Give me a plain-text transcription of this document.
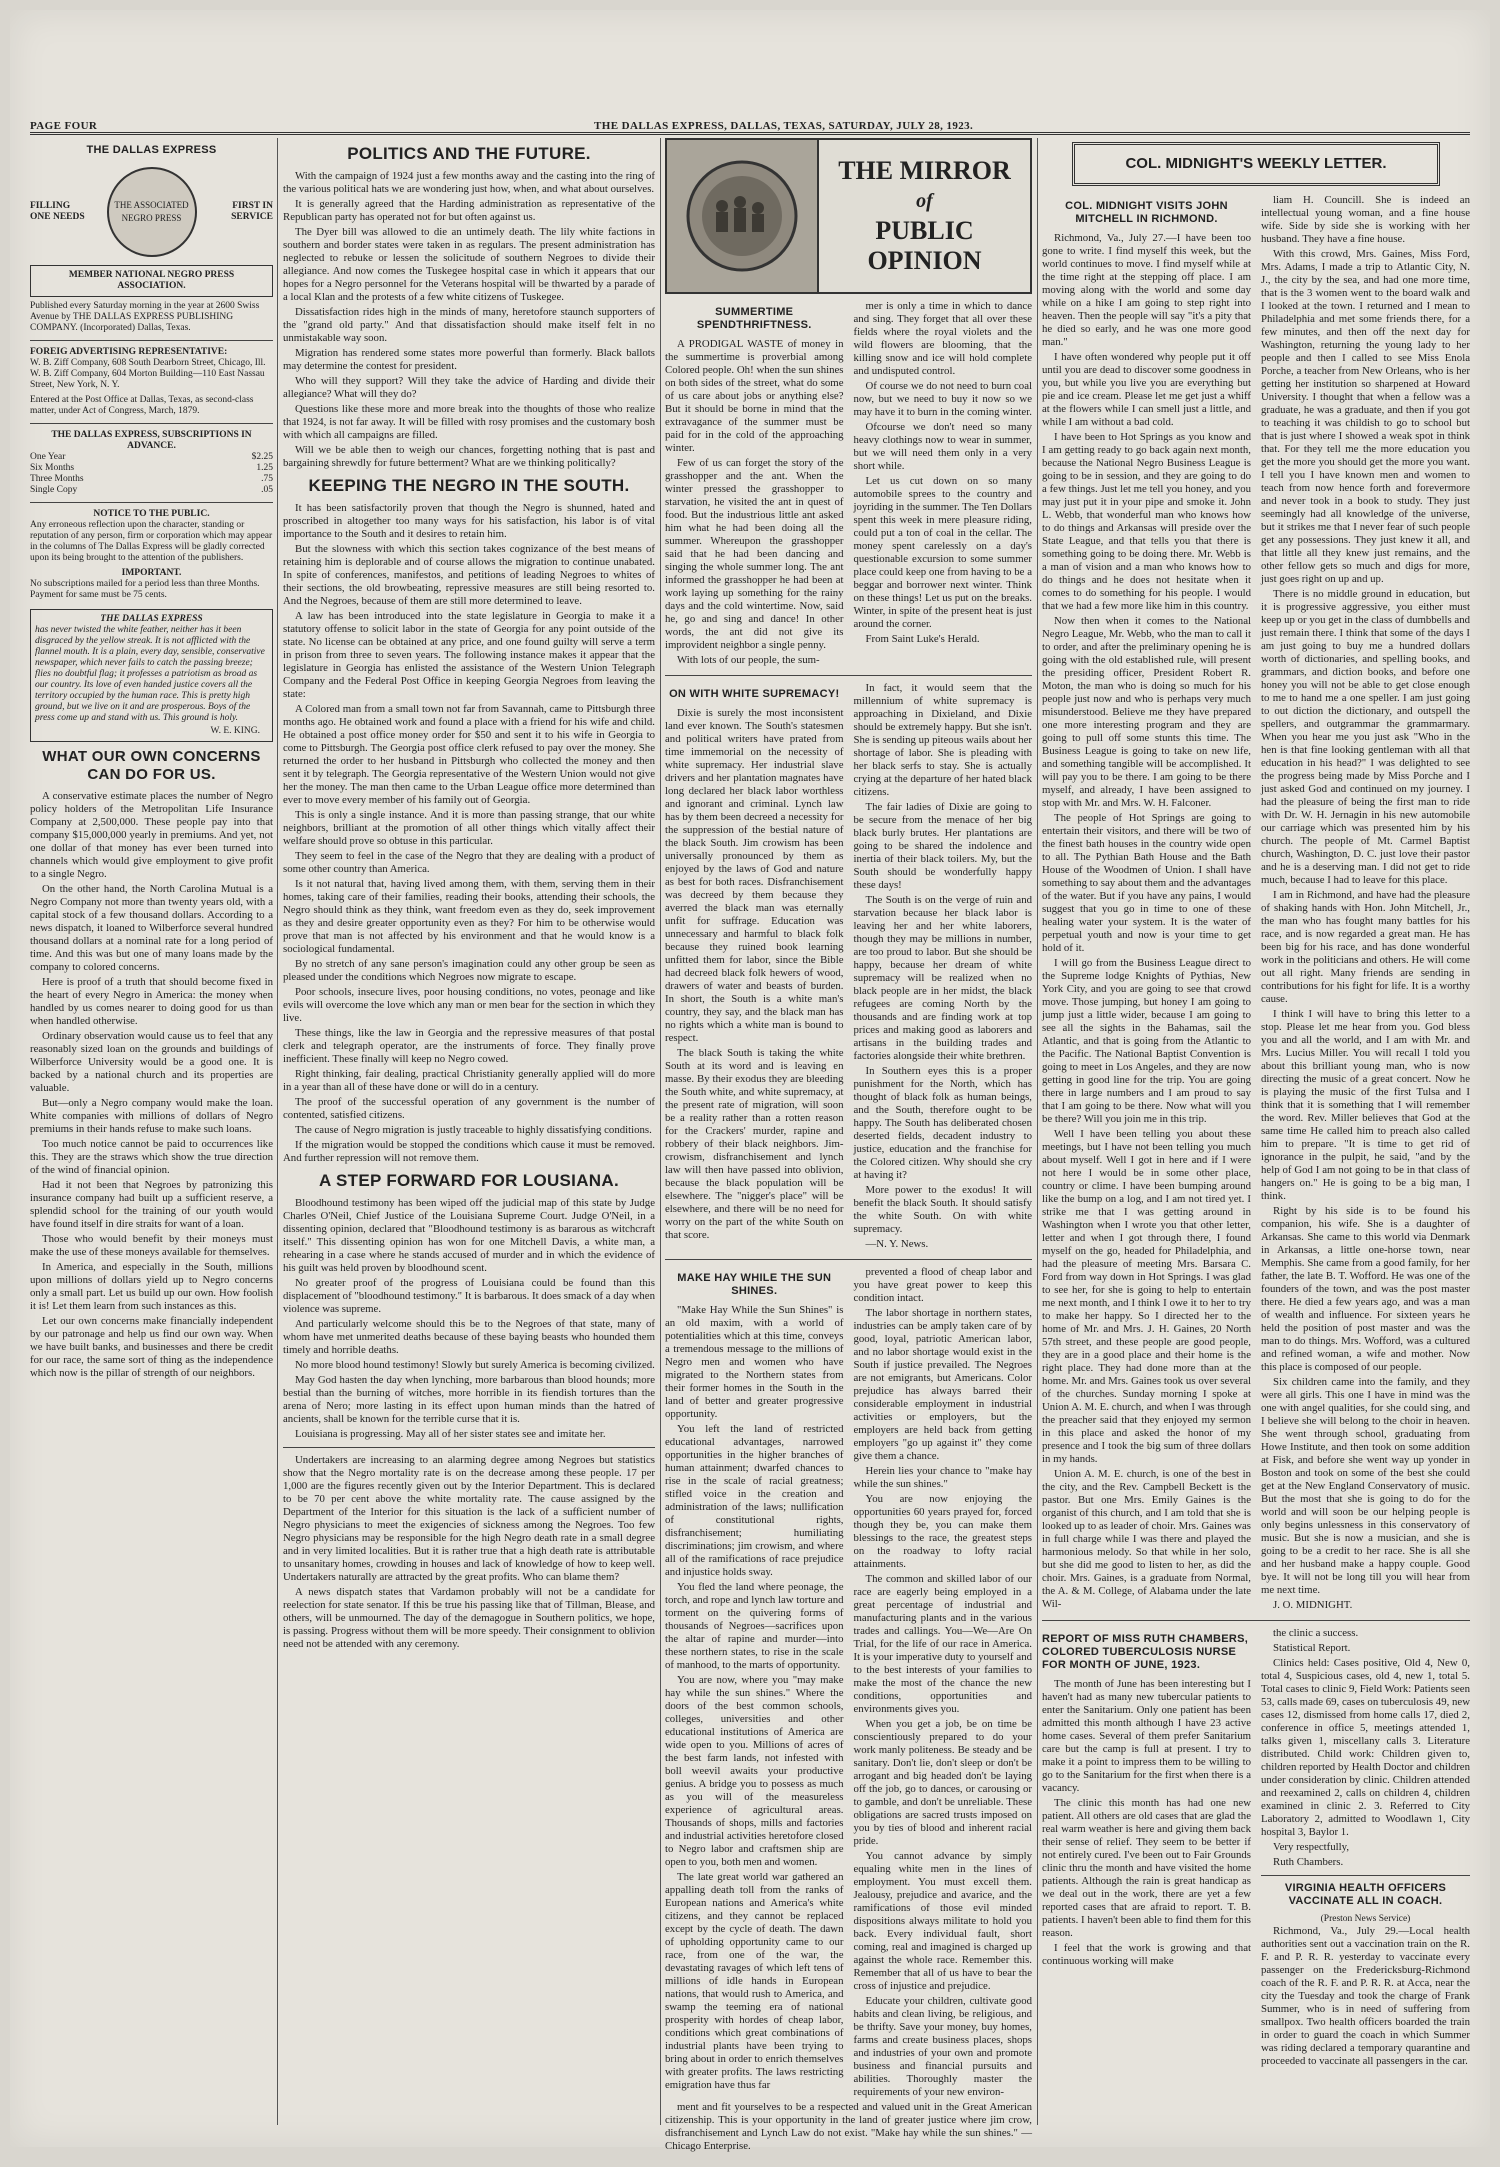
PAGE FOUR	THE DALLAS EXPRESS, DALLAS, TEXAS, SATURDAY, JULY 28, 1923.
THE DALLAS EXPRESS
FILLING ONE NEEDS
THE ASSOCIATED NEGRO PRESS
FIRST IN SERVICE
MEMBER NATIONAL NEGRO PRESS ASSOCIATION.
Published every Saturday morning in the year at 2600 Swiss Avenue by THE DALLAS EXPRESS PUBLISHING COMPANY. (Incorporated) Dallas, Texas.
FOREIG ADVERTISING REPRESENTATIVE:
W. B. Ziff Company, 608 South Dearborn Street, Chicago, Ill. W. B. Ziff Company, 604 Morton Building—110 East Nassau Street, New York, N. Y.
Entered at the Post Office at Dallas, Texas, as second-class matter, under Act of Congress, March, 1879.
THE DALLAS EXPRESS, SUBSCRIPTIONS IN ADVANCE.
One Year	$2.25
Six Months	1.25
Three Months	.75
Single Copy	.05
NOTICE TO THE PUBLIC.
Any erroneous reflection upon the character, standing or reputation of any person, firm or corporation which may appear in the columns of The Dallas Express will be gladly corrected upon its being brought to the attention of the publishers.
IMPORTANT.
No subscriptions mailed for a period less than three Months. Payment for same must be 75 cents.
THE DALLAS EXPRESS

has never twisted the white feather, neither has it been disgraced by the yellow streak. It is not afflicted with the flannel mouth. It is a plain, every day, sensible, conservative newspaper, which never fails to catch the passing breeze; flies no doubtful flag; it professes a patriotism as broad as our country. Its love of even handed justice covers all the territory occupied by the human race. This is pretty high ground, but we live on it and are prosperous. Boys of the press come up and stand with us. This ground is holy.

W. E. KING.
WHAT OUR OWN CONCERNS CAN DO FOR US.

A conservative estimate places the number of Negro policy holders of the Metropolitan Life Insurance Company at 2,500,000. These people pay into that company $15,000,000 yearly in premiums. And yet, not one dollar of that money has ever been turned into channels which would give employment to give profit to a single Negro.

On the other hand, the North Carolina Mutual is a Negro Company not more than twenty years old, with a capital stock of a few thousand dollars. According to a news dispatch, it loaned to Wilberforce several hundred thousand dollars at a nominal rate for a long period of time. And this was but one of many loans made by the company to colored concerns.

Here is proof of a truth that should become fixed in the heart of every Negro in America: the money when handled by us comes nearer to doing good for us than when handled otherwise.

Ordinary observation would cause us to feel that any reasonably sized loan on the grounds and buildings of Wilberforce University would be a good one. It is backed by a national church and its properties are valuable.

But—only a Negro company would make the loan. White companies with millions of dollars of Negro premiums in their hands refuse to make such loans.

Too much notice cannot be paid to occurrences like this. They are the straws which show the true direction of the wind of financial opinion.

Had it not been that Negroes by patronizing this insurance company had built up a sufficient reserve, a splendid school for the training of our youth would have found itself in dire straits for want of a loan.

Those who would benefit by their moneys must make the use of these moneys available for themselves.

In America, and especially in the South, millions upon millions of dollars yield up to Negro concerns only a small part. Let us build up our own. How foolish it is! Let them learn from such instances as this.

Let our own concerns make financially independent by our patronage and help us find our own way. When we have built banks, and businesses and there be credit for our race, the same sort of thing as the independence which now is the pillar of strength of our neighbors.

POLITICS AND THE FUTURE.

With the campaign of 1924 just a few months away and the casting into the ring of the various political hats we are wondering just how, when, and what about ourselves.

It is generally agreed that the Harding administration as representative of the Republican party has operated not for but often against us.

The Dyer bill was allowed to die an untimely death. The lily white factions in southern and border states were taken in as regulars. The present administration has neglected to rebuke or lessen the solicitude of southern Negroes to divide their allegiance. And now comes the Tuskegee hospital case in which it appears that our hopes for a Negro personnel for the Veterans hospital will be thwarted by a parade of a local Klan and the protests of a few white citizens of Tuskegee.

Dissatisfaction rides high in the minds of many, heretofore staunch supporters of the "grand old party." And that dissatisfaction should make itself felt in no unmistakable way soon.

Migration has rendered some states more powerful than formerly. Black ballots may determine the contest for president.

Who will they support? Will they take the advice of Harding and divide their allegiance? What will they do?

Questions like these more and more break into the thoughts of those who realize that 1924, is not far away. It will be filled with rosy promises and the customary bosh with which all campaigns are filled.

Will we be able then to weigh our chances, forgetting nothing that is past and bargaining shrewdly for future betterment? What are we thinking politically?

KEEPING THE NEGRO IN THE SOUTH.

It has been satisfactorily proven that though the Negro is shunned, hated and proscribed in altogether too many ways for his satisfaction, his labor is of vital importance to the South and it desires to retain him.

But the slowness with which this section takes cognizance of the best means of retaining him is deplorable and of course allows the migration to continue unabated. In spite of conferences, manifestos, and petitions of leading Negroes to whites of their sections, the old browbeating, repressive measures are still being resorted to. And the Negroes, because of them are still more determined to leave.

A law has been introduced into the state legislature in Georgia to make it a statutory offense to solicit labor in the state of Georgia for any point outside of the state. No license can be obtained at any price, and one found guilty will serve a term in prison from three to seven years. The following instance makes it appear that the legislature in Georgia has enlisted the assistance of the Western Union Telegraph Company and the Federal Post Office in keeping Georgia Negroes from leaving the state:

A Colored man from a small town not far from Savannah, came to Pittsburgh three months ago. He obtained work and found a place with a friend for his wife and child. He obtained a post office money order for $50 and sent it to his wife in Georgia to come to Pittsburgh. The Georgia post office clerk refused to pay over the money. She returned the order to her husband in Pittsburgh who collected the money and then sent it by telegraph. The Georgia representative of the Western Union would not give her the money. The man then came to the Urban League office more determined than ever to move every member of his family out of Georgia.

This is only a single instance. And it is more than passing strange, that our white neighbors, brilliant at the promotion of all other things which vitally affect their welfare should prove so obtuse in this particular.

They seem to feel in the case of the Negro that they are dealing with a product of some other country than America.

Is it not natural that, having lived among them, with them, serving them in their homes, taking care of their families, reading their books, attending their schools, the Negro should think as they think, want freedom even as they do, seek improvement as they and desire greater opportunity even as they? For him to be otherwise would prove that man is not affected by his environment and that he would know is a sociological fundamental.

By no stretch of any sane person's imagination could any other group be seen as pleased under the conditions which Negroes now migrate to escape.

Poor schools, insecure lives, poor housing conditions, no votes, peonage and like evils will overcome the love which any man or men bear for the section in which they live.

These things, like the law in Georgia and the repressive measures of that postal clerk and telegraph operator, are the instruments of force. They finally prove inefficient. These finally will keep no Negro cowed.

Right thinking, fair dealing, practical Christianity generally applied will do more in a year than all of these have done or will do in a century.

The proof of the successful operation of any government is the number of contented, satisfied citizens.

The cause of Negro migration is justly traceable to highly dissatisfying conditions.

If the migration would be stopped the conditions which cause it must be removed. And further repression will not remove them.

A STEP FORWARD FOR LOUSIANA.

Bloodhound testimony has been wiped off the judicial map of this state by Judge Charles O'Neil, Chief Justice of the Louisiana Supreme Court. Judge O'Neil, in a dissenting opinion, declared that "Bloodhound testimony is as bararous as witchcraft itself." This dissenting opinion has won for one Mitchell Davis, a white man, a rehearing in a case where he stands accused of murder and in which the evidence of his guilt was held proven by bloodhound scent.

No greater proof of the progress of Louisiana could be found than this displacement of "bloodhound testimony." It is barbarous. It does smack of a day when violence was supreme.

And particularly welcome should this be to the Negroes of that state, many of whom have met unmerited deaths because of these baying beasts who hounded them timely and horrible deaths.

No more blood hound testimony! Slowly but surely America is becoming civilized.

May God hasten the day when lynching, more barbarous than blood hounds; more bestial than the burning of witches, more horrible in its fiendish tortures than the arena of Nero; more lasting in its effect upon human minds than the hatred of ancients, shall be known for the terrible curse that it is.

Louisiana is progressing. May all of her sister states see and imitate her.

Undertakers are increasing to an alarming degree among Negroes but statistics show that the Negro mortality rate is on the decrease among these people. 17 per 1,000 are the figures recently given out by the Interior Department. This is declared to be 70 per cent above the white mortality rate. The cause assigned by the Department of the Interior for this situation is the lack of a sufficient number of Negro physicians to meet the exigencies of sickness among the Negroes. Too few Negro physicians may be responsible for the high Negro death rate in a small degree and in very limited localities. But it is rather true that a high death rate is attributable to unsanitary homes, crowding in houses and lack of knowledge of how to keep well. Undertakers naturally are attracted by the great profits. Who can blame them?

A news dispatch states that Vardamon probably will not be a candidate for reelection for state senator. If this be true his passing like that of Tillman, Blease, and others, will be unmourned. The day of the demagogue in Southern politics, we hope, is passing. Progress without them will be more speedy. Their consignment to oblivion need not be attended with any ceremony.

THE MIRROR
of
PUBLIC OPINION
SUMMERTIME SPENDTHRIFTNESS.

A PRODIGAL WASTE of money in the summertime is proverbial among Colored people. Oh! when the sun shines on both sides of the street, what do some of us care about jobs or anything else? But it should be borne in mind that the extravagance of the summer must be paid for in the cold of the approaching winter.

Few of us can forget the story of the grasshopper and the ant. When the winter pressed the grasshopper to starvation, he visited the ant in quest of food. But the industrious little ant asked him what he had been doing all the summer. Whereupon the grasshopper said that he had been dancing and singing the whole summer long. The ant informed the grasshopper he had been at work laying up something for the rainy days and the cold wintertime. Now, said he, go and sing and dance! In other words, the ant did not give its improvident neighbor a single penny.

With lots of our people, the sum-

mer is only a time in which to dance and sing. They forget that all over these fields where the royal violets and the wild flowers are blooming, that the killing snow and ice will hold complete and undisputed control.

Of course we do not need to burn coal now, but we need to buy it now so we may have it to burn in the coming winter.

Ofcourse we don't need so many heavy clothings now to wear in summer, but we will need them only in a very short while.

Let us cut down on so many automobile sprees to the country and joyriding in the summer. The Ten Dollars spent this week in mere pleasure riding, could put a ton of coal in the cellar. The money spent carelessly on a day's questionable excursion to some summer place could keep one from having to be a beggar and borrower next winter. Think on these things! Let us put on the breaks. Winter, in spite of the present heat is just around the corner.

From Saint Luke's Herald.

ON WITH WHITE SUPREMACY!

Dixie is surely the most inconsistent land ever known. The South's statesmen and political writers have prated from time immemorial on the necessity of white supremacy. Her industrial slave drivers and her plantation magnates have long declared her black labor worthless and ignorant and criminal. Lynch law has by them been decreed a necessity for the suppression of the bestial nature of the black South. Jim crowism has been universally pronounced by them as enjoyed by the laws of God and nature as best for both races. Disfranchisement was decreed by them because they averred the black man was eternally unfit for suffrage. Education was unnecessary and harmful to black folk because they ruined book learning unfitted them for labor, since the Bible had decreed black folk hewers of wood, drawers of water and beasts of burden. In short, the South is a white man's country, they say, and the black man has no rights which a white man is bound to respect.

The black South is taking the white South at its word and is leaving en masse. By their exodus they are bleeding the South white, and white supremacy, at the present rate of migration, will soon be a reality rather than a rotten reason for the Crackers' murder, rapine and robbery of their black neighbors. Jim-crowism, disfranchisement and lynch law will then have passed into oblivion, because the black population will be elsewhere. The "nigger's place" will be elsewhere, and there will be no need for worry on the part of the white South on that score.

In fact, it would seem that the millennium of white supremacy is approaching in Dixieland, and Dixie should be extremely happy. But she isn't. She is sending up piteous wails about her shortage of labor. She is pleading with her black serfs to stay. She is actually crying at the departure of her hated black citizens.

The fair ladies of Dixie are going to be secure from the menace of her big black burly brutes. Her plantations are going to be shared the indolence and inertia of their black toilers. My, but the South should be wonderfully happy these days!

The South is on the verge of ruin and starvation because her black labor is leaving her and her white laborers, though they may be millions in number, are too proud to labor. But she should be happy, because her dream of white supremacy will be realized when no black people are in her midst, the black refugees are coming North by the thousands and are finding work at top prices and making good as laborers and artisans in the building trades and factories alongside their white brethren.

In Southern eyes this is a proper punishment for the North, which has thought of black folk as human beings, and the South, therefore ought to be happy. The South has deliberated chosen deserted fields, decadent industry to justice, education and the franchise for the Colored citizen. Why should she cry at having it?

More power to the exodus! It will benefit the black South. It should satisfy the white South. On with white supremacy.

—N. Y. News.

MAKE HAY WHILE THE SUN SHINES.

"Make Hay While the Sun Shines" is an old maxim, with a world of potentialities which at this time, conveys a tremendous message to the millions of Negro men and women who have migrated to the Northern states from their former homes in the South in the land of better and greater progressive opportunity.

You left the land of restricted educational advantages, narrowed opportunities in the higher branches of human attainment; dwarfed chances to rise in the scale of racial greatness; stifled voice in the creation and administration of the laws; nullification of constitutional rights, disfranchisement; humiliating discriminations; jim crowism, and where all of the ramifications of race prejudice and injustice holds sway.

You fled the land where peonage, the torch, and rope and lynch law torture and torment on the quivering forms of thousands of Negroes—sacrifices upon the altar of rapine and murder—into these northern states, to rise in the scale of manhood, to the marts of opportunity.

You are now, where you "may make hay while the sun shines." Where the doors of the best common schools, colleges, universities and other educational institutions of America are wide open to you. Millions of acres of the best farm lands, not infested with boll weevil awaits your productive genius. A bridge you to possess as much as you will of the measureless experience of agricultural areas. Thousands of shops, mills and factories and industrial activities heretofore closed to Negro labor and craftsmen ship are open to you, both men and women.

The late great world war gathered an appalling death toll from the ranks of European nations and America's white citizens, and they cannot be replaced except by the cycle of death. The dawn of upholding opportunity came to our race, from one of the war, the devastating ravages of which left tens of millions of idle hands in European nations, that would rush to America, and swamp the teeming era of national prosperity with hordes of cheap labor, conditions which great combinations of industrial plants have been trying to bring about in order to enrich themselves with greater profits. The laws restricting emigration have thus far

prevented a flood of cheap labor and you have great power to keep this condition intact.

The labor shortage in northern states, industries can be amply taken care of by good, loyal, patriotic American labor, and no labor shortage would exist in the South if justice prevailed. The Negroes are not emigrants, but Americans. Color prejudice has always barred their considerable employment in industrial activities or employers, but the employers are held back from getting employers "go up against it" they come give them a chance.

Herein lies your chance to "make hay while the sun shines."

You are now enjoying the opportunities 60 years prayed for, forced though they be, you can make them blessings to the race, the greatest steps on the roadway to lofty racial attainments.

The common and skilled labor of our race are eagerly being employed in a great percentage of industrial and manufacturing plants and in the various trades and callings. You—We—Are On Trial, for the life of our race in America. It is your imperative duty to yourself and to the best interests of your families to make the most of the chance the new conditions, opportunities and environments gives you.

When you get a job, be on time be conscientiously prepared to do your work manly politeness. Be steady and be sanitary. Don't lie, don't sleep or don't be arrogant and big headed don't be laying off the job, go to dances, or carousing or to gamble, and don't be unreliable. These obligations are sacred trusts imposed on you by ties of blood and inherent racial pride.

You cannot advance by simply equaling white men in the lines of employment. You must excell them. Jealousy, prejudice and avarice, and the ramifications of those evil minded dispositions always militate to hold you back. Every individual fault, short coming, real and imagined is charged up against the whole race. Remember this. Remember that all of us have to bear the cross of injustice and prejudice.

Educate your children, cultivate good habits and clean living, be religious, and be thrifty. Save your money, buy homes, farms and create business places, shops and industries of your own and promote business and financial pursuits and abilities. Thoroughly master the requirements of your new environ-

ment and fit yourselves to be a respected and valued unit in the Great American citizenship. This is your opportunity in the land of greater justice where jim crow, disfranchisement and Lynch Law do not exist. "Make hay while the sun shines." —Chicago Enterprise.

COL. MIDNIGHT'S WEEKLY LETTER.
COL. MIDNIGHT VISITS JOHN MITCHELL IN RICHMOND.

Richmond, Va., July 27.—I have been too gone to write. I find myself this week, but the world continues to move. I find myself while at the time right at the stepping off place. I am moving along with the world and some day while on a hike I am going to step right into heaven. Then the people will say "it's a pity that he died so early, and he was one more good man."

I have often wondered why people put it off until you are dead to discover some goodness in you, but while you live you are everything but pie and ice cream. Please let me get just a whiff at the flowers while I can smell just a little, and while I am without a bad cold.

I have been to Hot Springs as you know and I am getting ready to go back again next month, because the National Negro Business League is going to be in session, and they are going to do a few things. Just let me tell you honey, and you may just put it in your pipe and smoke it. John L. Webb, that wonderful man who knows how to do things and Arkansas will preside over the State League, and that tells you that there is something going to be doing there. Mr. Webb is a man of vision and a man who knows how to do things and he does not hesitate when it comes to do something for his people. I would that we had a few more like him in this country.

Now then when it comes to the National Negro League, Mr. Webb, who the man to call it to order, and after the preliminary opening he is going with the old established rule, will present the presiding officer, President Robert R. Moton, the man who is doing so much for his people just now and who is perhaps very much misunderstood. Believe me they have prepared one more interesting program and they are going to pull off some stunts this time. The Business League is going to take on new life, and something tangible will be accomplished. It will pay you to be there. I am going to be there myself, and already, I have been assigned to stop with Mr. and Mrs. W. H. Falconer.

The people of Hot Springs are going to entertain their visitors, and there will be two of the finest bath houses in the country wide open to all. The Pythian Bath House and the Bath House of the Woodmen of Union. I shall have something to say about them and the advantages of the water. But if you have any pains, I would suggest that you go in time to one of these healing water your system. It is the water of perpetual youth and now is your time to get hold of it.

I will go from the Business League direct to the Supreme lodge Knights of Pythias, New York City, and you are going to see that crowd move. Those jumping, but honey I am going to jump just a little wider, because I am going to see all the sights in the Bahamas, sail the Atlantic, and that is going from the Atlantic to the Pacific. The National Baptist Convention is going to meet in Los Angeles, and they are now getting in good line for the trip. You are going there in large numbers and I am proud to say that I am going to be there. Now what will you be there? Will you join me in this trip.

Well I have been telling you about these meetings, but I have not been telling you much about myself. Well I got in here and if I were not here I would be in some other place, country or clime. I have been bumping around like the bump on a log, and I am not tired yet. I strike me that I was getting around in Washington when I wrote you that other letter, letter and when I got through there, I found myself on the go, headed for Philadelphia, and had the pleasure of meeting Mrs. Barsara C. Ford from way down in Hot Springs. I was glad to see her, for she is going to help to entertain me next month, and I think I owe it to her to try to make her happy. So I directed her to the home of Mr. and Mrs. J. H. Gaines, 20 North 57th street, and these people are good people, they are in a good place and their home is the right place. They had done more than at the home. Mr. and Mrs. Gaines took us over several of the churches. Sunday morning I spoke at Union A. M. E. church, and when I was through the preacher said that they enjoyed my sermon in this place and asked the honor of my presence and I took the big sum of three dollars in my hands.

Union A. M. E. church, is one of the best in the city, and the Rev. Campbell Beckett is the pastor. But one Mrs. Emily Gaines is the organist of this church, and I am told that she is looked up to as leader of choir. Mrs. Gaines was in full charge while I was there and played the harmonious melody. So that while in her solo, but she did me good to listen to her, as did the choir. Mrs. Gaines, is a graduate from Normal, the A. & M. College, of Alabama under the late Wil-

liam H. Councill. She is indeed an intellectual young woman, and a fine house wife. Side by side she is working with her husband. They have a fine house.

With this crowd, Mrs. Gaines, Miss Ford, Mrs. Adams, I made a trip to Atlantic City, N. J., the city by the sea, and had one more time, that is the 3 women went to the board walk and I looked at the town. I returned and I mean to Philadelphia and met some friends there, for a few minutes, and then off the next day for Washington, returning the young lady to her people and then I called to see Miss Enola Porche, a teacher from New Orleans, who is her getting her institution so sharpened at Howard University. I thought that when a fellow was a graduate, he was a graduate, and then if you got to teaching it was childish to go to school but that is just where I showed a weak spot in think that. For they tell me the more education you get the more you should get the more you want. I tell you I have known men and women to teach from now hence forth and forevermore and never took in a book to study. They just seemingly had all knowledge of the universe, but it strikes me that I never fear of such people get any possessions. They just knew it all, and that little all they knew just remains, and the other fellow gets so much and digs for more, just goes right on up and up.

There is no middle ground in education, but it is progressive aggressive, you either must keep up or you get in the class of dumbbells and just remain there. I think that some of the days I am just going to buy me a hundred dollars worth of dictionaries, and spelling books, and grammars, and diction books, and before one honey you will not be able to get close enough to me to hand me a one speller. I am just going to out diction the dictionary, and outspell the spellers, and outgrammar the grammarmary. When you hear me you just ask "Who in the hen is that fine looking gentleman with all that education in his head?" I was delighted to see the progress being made by Miss Porche and I just asked God and continued on my journey. I had the pleasure of being the first man to ride with Dr. W. H. Jernagin in his new automobile our carriage which was presented him by his church. The people of Mt. Carmel Baptist church, Washington, D. C. just love their pastor and he is a deserving man. I did not get to ride much, because I had to leave for this place.

I am in Richmond, and have had the pleasure of shaking hands with Hon. John Mitchell, Jr., the man who has fought many battles for his race, and is now regarded a great man. He has been big for his race, and has done wonderful work in the politicians and others. He will come out all right. Many friends are sending in contributions for his fight for life. It is a worthy cause.

I think I will have to bring this letter to a stop. Please let me hear from you. God bless you and all the world, and I am with Mr. and Mrs. Lucius Miller. You will recall I told you about this brilliant young man, who is now directing the music of a great concert. Now he is playing the music of the first Tulsa and I think that it is something that I will remember the word. Rev. Miller believes that God at the same time He called him to preach also called him to prepare. "It is time to get rid of ignorance in the pulpit, he said, "and by the help of God I am not going to be in that class of hangers on." He is going to be a big man, I think.

Right by his side is to be found his companion, his wife. She is a daughter of Arkansas. She came to this world via Denmark in Arkansas, a little one-horse town, near Memphis. She came from a good family, for her father, the late B. T. Wofford. He was one of the founders of the town, and was the post master there. He died a few years ago, and was a man of wealth and influence. For sixteen years he held the position of post master and was the man to do things. Mrs. Wofford, was a cultured and refined woman, a wife and mother. Now this place is composed of our people.

Six children came into the family, and they were all girls. This one I have in mind was the one with angel qualities, for she could sing, and I believe she will belong to the choir in heaven. She went through school, graduating from Howe Institute, and then took on some addition at Fisk, and before she went way up yonder in Boston and took on some of the best she could get at the New England Conservatory of music. But the most that she is going to do for the world and will soon be our helping people is only begins unlessness in this conservatory of music. But she is now a musician, and she is going to be a credit to her race. She is all she and her husband make a happy couple. Good bye. It will not be long till you will hear from me next time.

J. O. MIDNIGHT.

REPORT OF MISS RUTH CHAMBERS, COLORED TUBERCULOSIS NURSE FOR MONTH OF JUNE, 1923.

The month of June has been interesting but I haven't had as many new tubercular patients to enter the Sanitarium. Only one patient has been admitted this month although I have 23 active home cases. Several of them prefer Sanitarium care but the camp is full at present. I try to make it a point to impress them to be willing to go to the Sanitarium for the first when there is a vacancy.

The clinic this month has had one new patient. All others are old cases that are glad the real warm weather is here and giving them back their sense of relief. They seem to be better if not entirely cured. I've been out to Fair Grounds clinic thru the month and have visited the home patients. Although the rain is great handicap as we deal out in the work, there are yet a few reported cases that are afraid to report. T. B. patients. I haven't been able to find them for this reason.

I feel that the work is growing and that continuous working will make

the clinic a success.

Statistical Report.

Clinics held: Cases positive, Old 4, New 0, total 4, Suspicious cases, old 4, new 1, total 5. Total cases to clinic 9, Field Work: Patients seen 53, calls made 69, cases on tuberculosis 49, new cases 12, dismissed from home calls 17, died 2, conference in office 5, meetings attended 1, talks given 1, miscellany calls 3. Literature distributed. Child work: Children given to, children reported by Health Doctor and children under consideration by clinic. Children attended and reexamined 2, calls on children 4, children examined in clinic 2. 3. Referred to City Laboratory 2, admitted to Woodlawn 1, City hospital 3, Baylor 1.

Very respectfully,

Ruth Chambers.

VIRGINIA HEALTH OFFICERS VACCINATE ALL IN COACH.
(Preston News Service)

Richmond, Va., July 29.—Local health authorities sent out a vaccination train on the R. F. and P. R. R. yesterday to vaccinate every passenger on the Fredericksburg-Richmond coach of the R. F. and P. R. R. at Acca, near the city the Tuesday and took the charge of Frank Summer, who is in need of suffering from smallpox. Two health officers boarded the train in order to guard the coach in which Summer was riding declared a temporary quarantine and proceeded to vaccinate all passengers in the car.
